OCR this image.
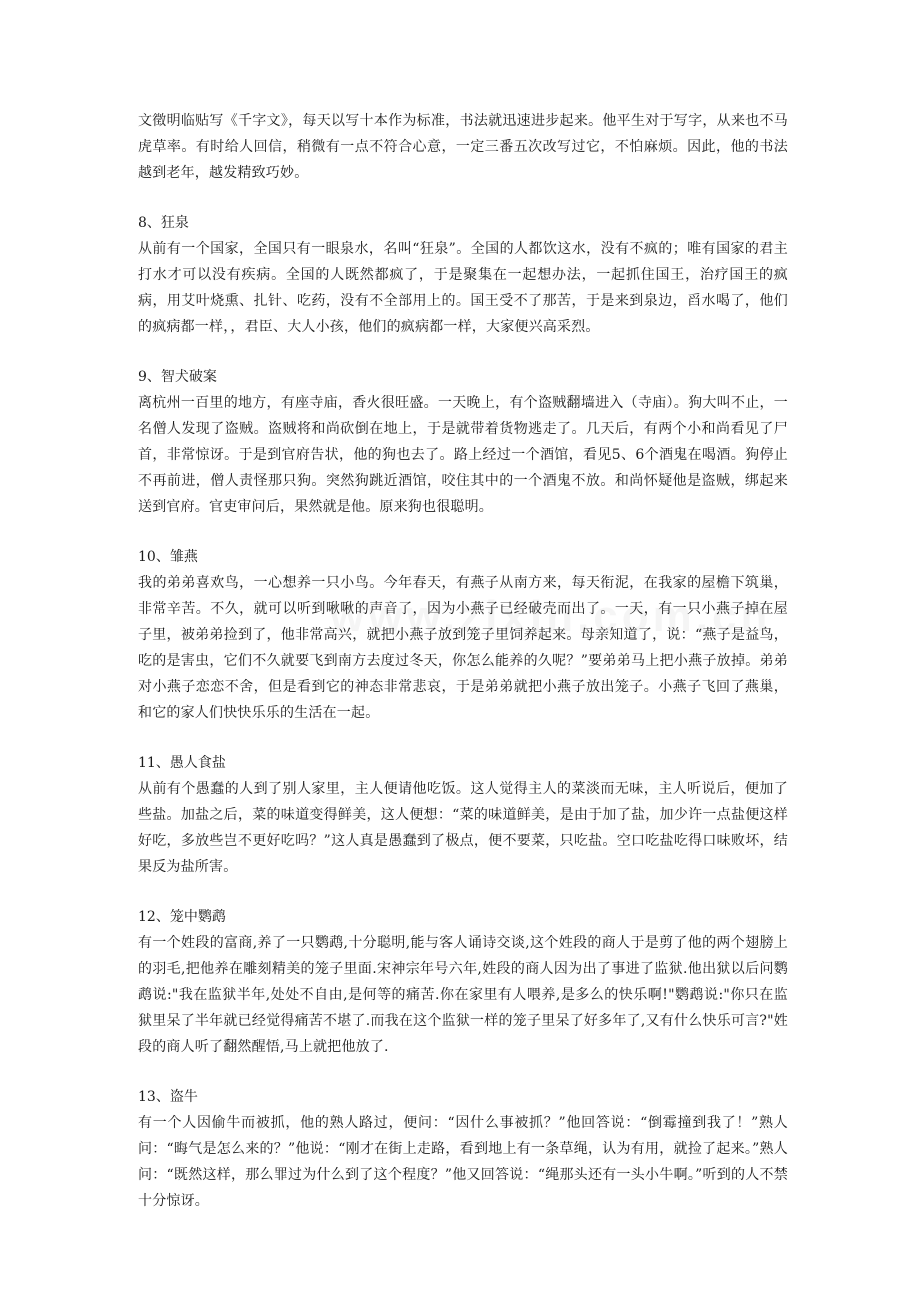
文徵明临贴写《千字文》，每天以写十本作为标准，书法就迅速进步起来。他平生对于写字，从来也不马虎草率。有时给人回信，稍微有一点不符合心意，一定三番五次改写过它，不怕麻烦。因此，他的书法越到老年，越发精致巧妙。

8、狂泉

从前有一个国家，全国只有一眼泉水，名叫“狂泉”。全国的人都饮这水，没有不疯的；唯有国家的君主打水才可以没有疾病。全国的人既然都疯了，于是聚集在一起想办法，一起抓住国王，治疗国王的疯病，用艾叶烧熏、扎针、吃药，没有不全部用上的。国王受不了那苦，于是来到泉边，舀水喝了，他们的疯病都一样，，君臣、大人小孩，他们的疯病都一样，大家便兴高采烈。

9、智犬破案

离杭州一百里的地方，有座寺庙，香火很旺盛。一天晚上，有个盗贼翻墙进入（寺庙）。狗大叫不止，一名僧人发现了盗贼。盗贼将和尚砍倒在地上，于是就带着货物逃走了。几天后，有两个小和尚看见了尸首，非常惊讶。于是到官府告状，他的狗也去了。路上经过一个酒馆，看见5、6个酒鬼在喝酒。狗停止不再前进，僧人责怪那只狗。突然狗跳近酒馆，咬住其中的一个酒鬼不放。和尚怀疑他是盗贼，绑起来送到官府。官吏审问后，果然就是他。原来狗也很聪明。

10、雏燕

我的弟弟喜欢鸟，一心想养一只小鸟。今年春天，有燕子从南方来，每天衔泥，在我家的屋檐下筑巢，非常辛苦。不久，就可以听到啾啾的声音了，因为小燕子已经破壳而出了。一天，有一只小燕子掉在屋子里，被弟弟捡到了，他非常高兴，就把小燕子放到笼子里饲养起来。母亲知道了，说：“燕子是益鸟，吃的是害虫，它们不久就要飞到南方去度过冬天，你怎么能养的久呢？”要弟弟马上把小燕子放掉。弟弟对小燕子恋恋不舍，但是看到它的神态非常悲哀，于是弟弟就把小燕子放出笼子。小燕子飞回了燕巢，和它的家人们快快乐乐的生活在一起。

11、愚人食盐

从前有个愚蠢的人到了别人家里，主人便请他吃饭。这人觉得主人的菜淡而无味，主人听说后，便加了些盐。加盐之后，菜的味道变得鲜美，这人便想：“菜的味道鲜美，是由于加了盐，加少许一点盐便这样好吃，多放些岂不更好吃吗？”这人真是愚蠢到了极点，便不要菜，只吃盐。空口吃盐吃得口味败坏，结果反为盐所害。

12、笼中鹦鹉

有一个姓段的富商,养了一只鹦鹉,十分聪明,能与客人诵诗交谈,这个姓段的商人于是剪了他的两个翅膀上的羽毛,把他养在雕刻精美的笼子里面.宋神宗年号六年,姓段的商人因为出了事进了监狱.他出狱以后问鹦鹉说:"我在监狱半年,处处不自由,是何等的痛苦.你在家里有人喂养,是多么的快乐啊!"鹦鹉说:"你只在监狱里呆了半年就已经觉得痛苦不堪了.而我在这个监狱一样的笼子里呆了好多年了,又有什么快乐可言?"姓段的商人听了翻然醒悟,马上就把他放了.

13、盗牛

有一个人因偷牛而被抓，他的熟人路过，便问：“因什么事被抓？”他回答说：“倒霉撞到我了！”熟人问：“晦气是怎么来的？”他说：“刚才在街上走路，看到地上有一条草绳，认为有用，就捡了起来。”熟人问：“既然这样，那么罪过为什么到了这个程度？”他又回答说：“绳那头还有一头小牛啊。”听到的人不禁十分惊讶。
